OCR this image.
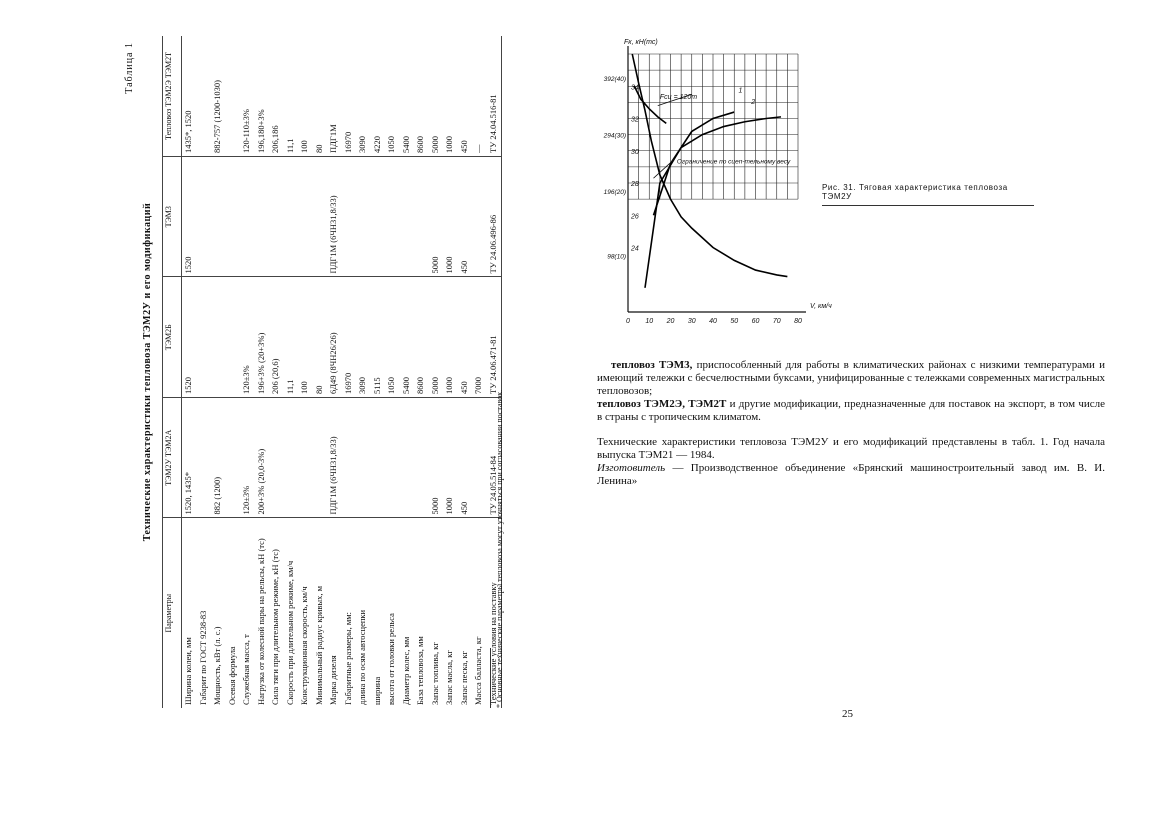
Таблица 1
Технические характеристики тепловоза ТЭМ2У и его модификаций
Параметры	ТЭМ2У ТЭМ2А	ТЭМ2Б	ТЭМ3	Тепловоз ТЭМ2Э ТЭМ2Т
Ширина колеи, мм	1520, 1435*	1520	1520	1435*, 1520
Габарит по ГОСТ 9238-83				
Мощность, кВт (л. с.)	882 (1200)			882-757 (1200-1030)
Осевая формула				
Служебная масса, т	120±3%	120±3%		120-110±3%
Нагрузка от колесной пары на рельсы, кН (тс)	200+3% (20,0-3%)	196+3% (20+3%)		196,180+3%
Сила тяги при длительном режиме, кН (тс)		206 (20,6)		206,186
Скорость при длительном режиме, км/ч		11,1		11,1
Конструкционная скорость, км/ч		100		100
Минимальный радиус кривых, м		80		80
Марка дизеля	ПДГ1М (6ЧН31,8/33)	6Д49 (8ЧН26/26)	ПДГ1М (6ЧН31,8/33)	ПДГ1М
Габаритные размеры, мм:		16970		16970
длина по осям автосцепки		3090		3090
ширина		5115		4220
высота от головки рельса		1050		1050
Диаметр колес, мм		5400		5400
База тепловоза, мм		8600		8600
Запас топлива, кг	5000	5000	5000	5000
Запас масла, кг	1000	1000	1000	1000
Запас песка, кг	450	450	450	450
Масса балласта, кг		7000		—
Технические условия на поставку	ТУ 24.05.514-84	ТУ 24.06.471-81	ТУ 24.06.496-86	ТУ 24.04.516-81
* Основные технические параметры тепловоза могут уточняться при согласовании поставок.
0 10 20 30 40 50 60 70 80
24
26
28
30
32
34
392(40)
294(30)
196(20)
98(10)
V, км/ч
Fк, кН(тс)
Fсц = 120т
1
2
Ограничение по сцеп-тельному весу
Рис. 31. Тяговая характеристика тепловоза ТЭМ2У

тепловоз ТЭМ3, приспособленный для работы в климатических районах с низкими температурами и имеющий тележки с бесчелюстными буксами, унифицированные с тележками современных магистральных тепловозов;

тепловоз ТЭМ2Э, ТЭМ2Т и другие модификации, предназначенные для поставок на экспорт, в том числе в страны с тропическим климатом.

Технические характеристики тепловоза ТЭМ2У и его модификаций представлены в табл. 1. Год начала выпуска ТЭМ21 — 1984.

Изготовитель — Производственное объединение «Брянский машиностроительный завод им. В. И. Ленина»

25
